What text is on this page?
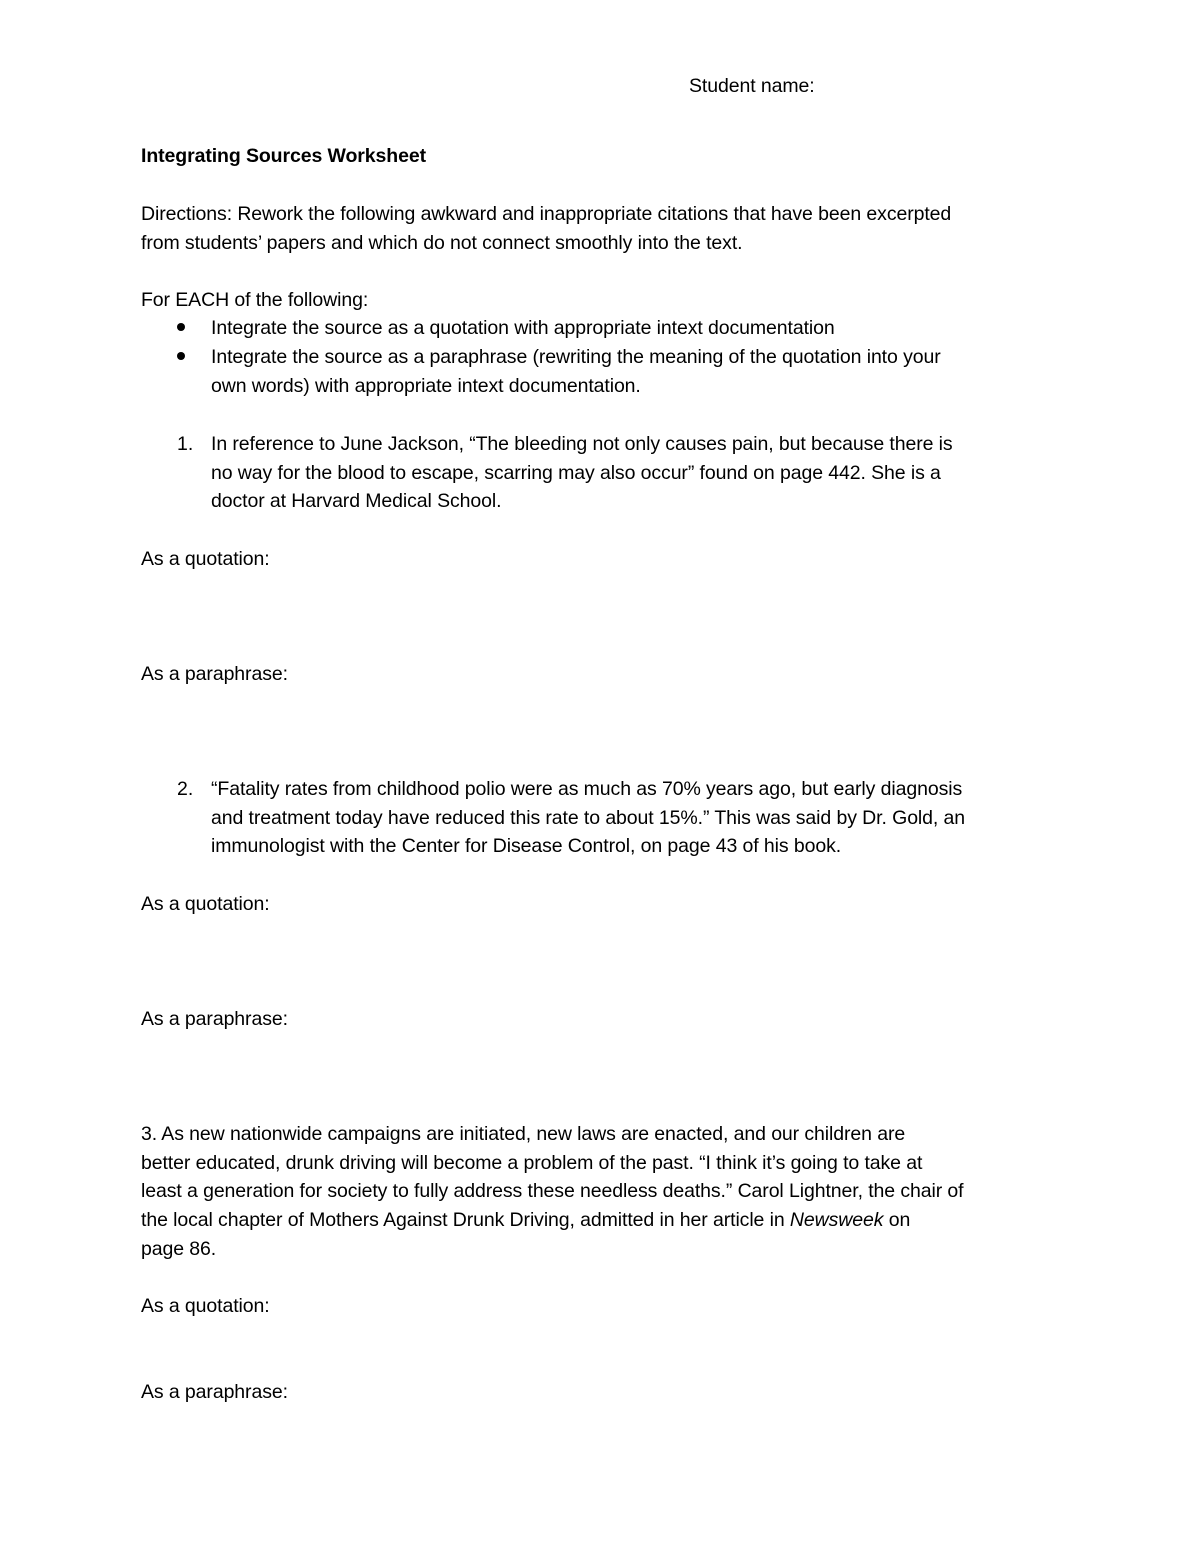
Student name:
Integrating Sources Worksheet
Directions: Rework the following awkward and inappropriate citations that have been excerpted
from students’ papers and which do not connect smoothly into the text.
For EACH of the following:
Integrate the source as a quotation with appropriate intext documentation
Integrate the source as a paraphrase (rewriting the meaning of the quotation into your
own words) with appropriate intext documentation.
1. In reference to June Jackson, “The bleeding not only causes pain, but because there is
no way for the blood to escape, scarring may also occur” found on page 442. She is a
doctor at Harvard Medical School.
As a quotation:
As a paraphrase:
2. “Fatality rates from childhood polio were as much as 70% years ago, but early diagnosis
and treatment today have reduced this rate to about 15%.” This was said by Dr. Gold, an
immunologist with the Center for Disease Control, on page 43 of his book.
As a quotation:
As a paraphrase:
3. As new nationwide campaigns are initiated, new laws are enacted, and our children are
better educated, drunk driving will become a problem of the past. “I think it’s going to take at
least a generation for society to fully address these needless deaths.” Carol Lightner, the chair of
the local chapter of Mothers Against Drunk Driving, admitted in her article in Newsweek on
page 86.
As a quotation:
As a paraphrase:
